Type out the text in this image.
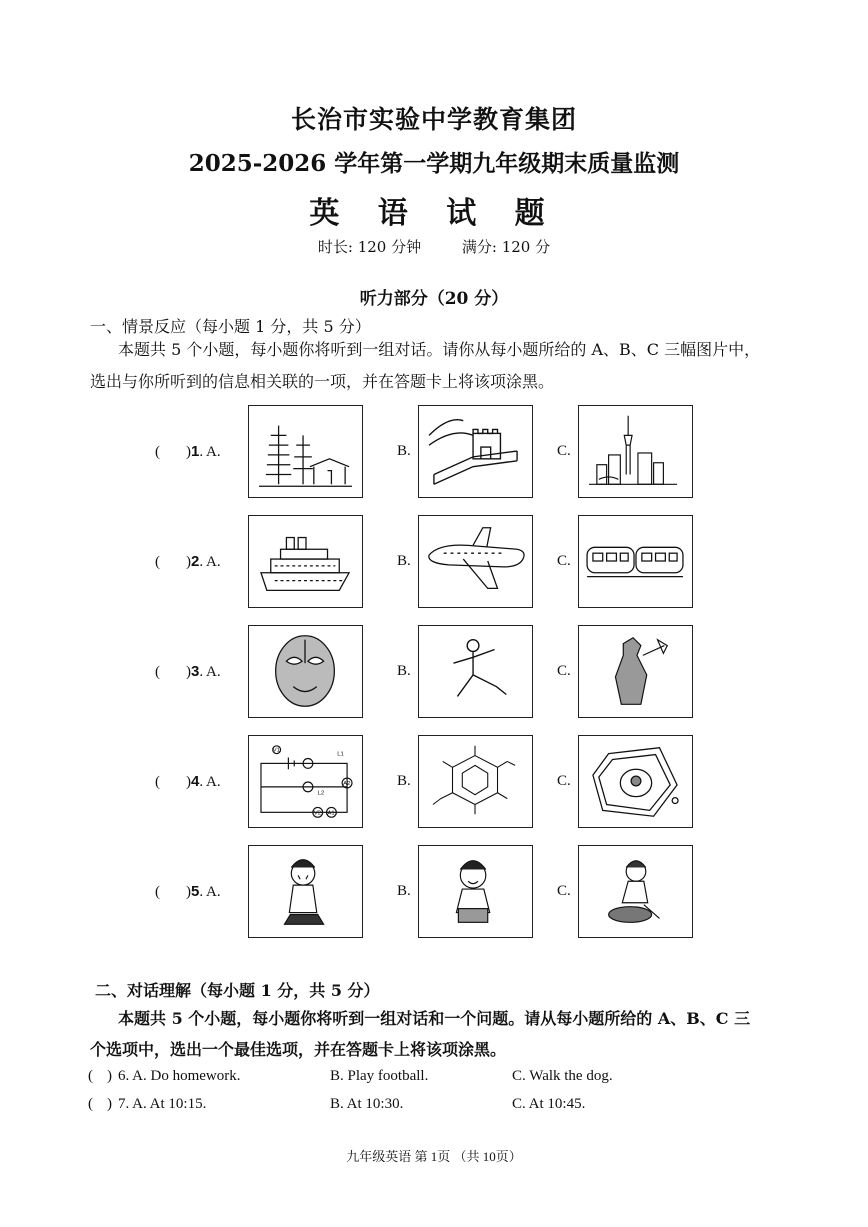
长治市实验中学教育集团
2025-2026 学年第一学期九年级期末质量监测
英 语 试 题
时长: 120 分钟	满分: 120 分
听力部分（20 分）
一、情景反应（每小题 1 分，共 5 分）
本题共 5 个小题，每小题你将听到一组对话。请你从每小题所给的 A、B、C 三幅图片中，
选出与你所听到的信息相关联的一项，并在答题卡上将该项涂黑。
( )1. A.	B.	C.
( )2. A.	B.	C.
( )3. A.	B.	C.
( )4. A.	B.	C.
V1
L1
A2
L2
V2 A1
( )5. A.	B.	C.
二、对话理解（每小题 1 分，共 5 分）
本题共 5 个小题，每小题你将听到一组对话和一个问题。请从每小题所给的 A、B、C 三
个选项中，选出一个最佳选项，并在答题卡上将该项涂黑。
( ) 6. A. Do homework.	B. Play football.	C. Walk the dog.
( ) 7. A. At 10:15.	B. At 10:30.	C. At 10:45.
九年级英语 第 1页 （共 10页）
